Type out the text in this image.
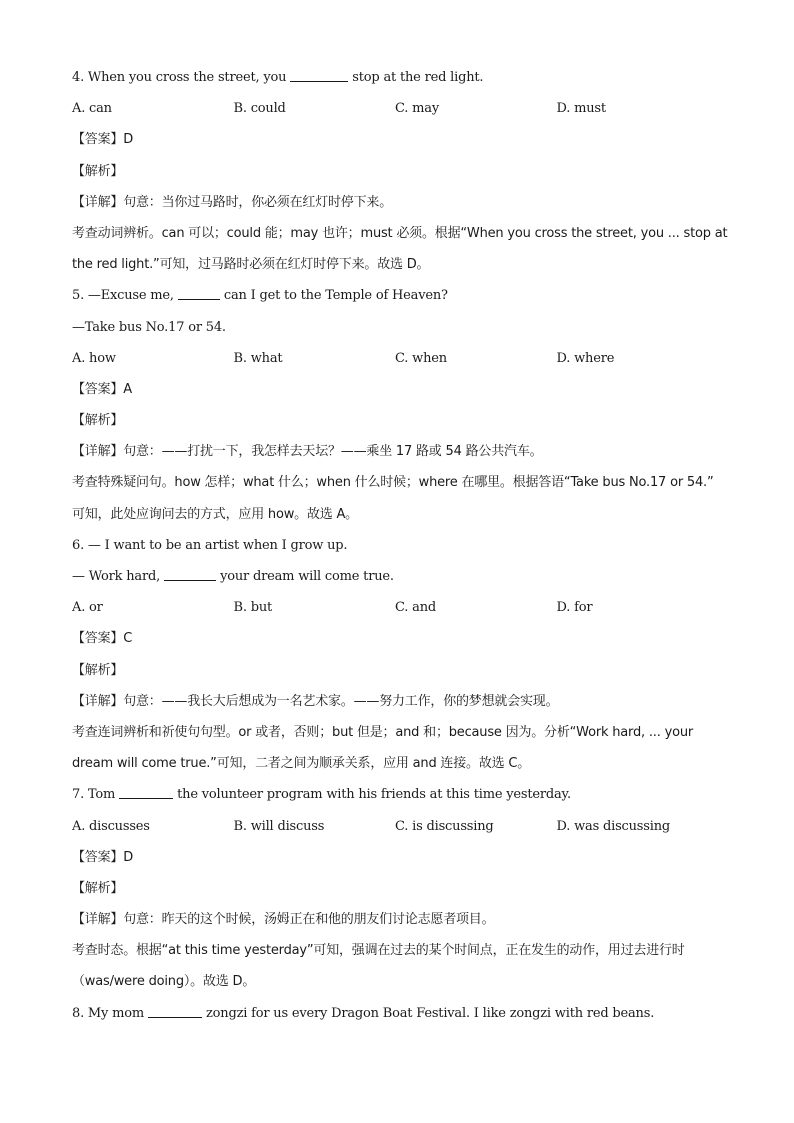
4. When you cross the street, you	stop at the red light.
A. can	B. could	C. may	D. must
【答案】D
【解析】
【详解】句意：当你过马路时，你必须在红灯时停下来。
考查动词辨析。can 可以；could 能；may 也许；must 必须。根据“When you cross the street, you ... stop at
the red light.”可知，过马路时必须在红灯时停下来。故选 D。
5. —Excuse me,	can I get to the Temple of Heaven?
—Take bus No.17 or 54.
A. how	B. what	C. when	D. where
【答案】A
【解析】
【详解】句意：——打扰一下，我怎样去天坛？——乘坐 17 路或 54 路公共汽车。
考查特殊疑问句。how 怎样；what 什么；when 什么时候；where 在哪里。根据答语“Take bus No.17 or 54.”
可知，此处应询问去的方式，应用 how。故选 A。
6. — I want to be an artist when I grow up.
— Work hard,	your dream will come true.
A. or	B. but	C. and	D. for
【答案】C
【解析】
【详解】句意：——我长大后想成为一名艺术家。——努力工作，你的梦想就会实现。
考查连词辨析和祈使句句型。or 或者，否则；but 但是；and 和；because 因为。分析“Work hard, ... your
dream will come true.”可知，二者之间为顺承关系，应用 and 连接。故选 C。
7. Tom	the volunteer program with his friends at this time yesterday.
A. discusses	B. will discuss	C. is discussing	D. was discussing
【答案】D
【解析】
【详解】句意：昨天的这个时候，汤姆正在和他的朋友们讨论志愿者项目。
考查时态。根据“at this time yesterday”可知，强调在过去的某个时间点，正在发生的动作，用过去进行时
（was/were doing）。故选 D。
8. My mom	zongzi for us every Dragon Boat Festival. I like zongzi with red beans.
